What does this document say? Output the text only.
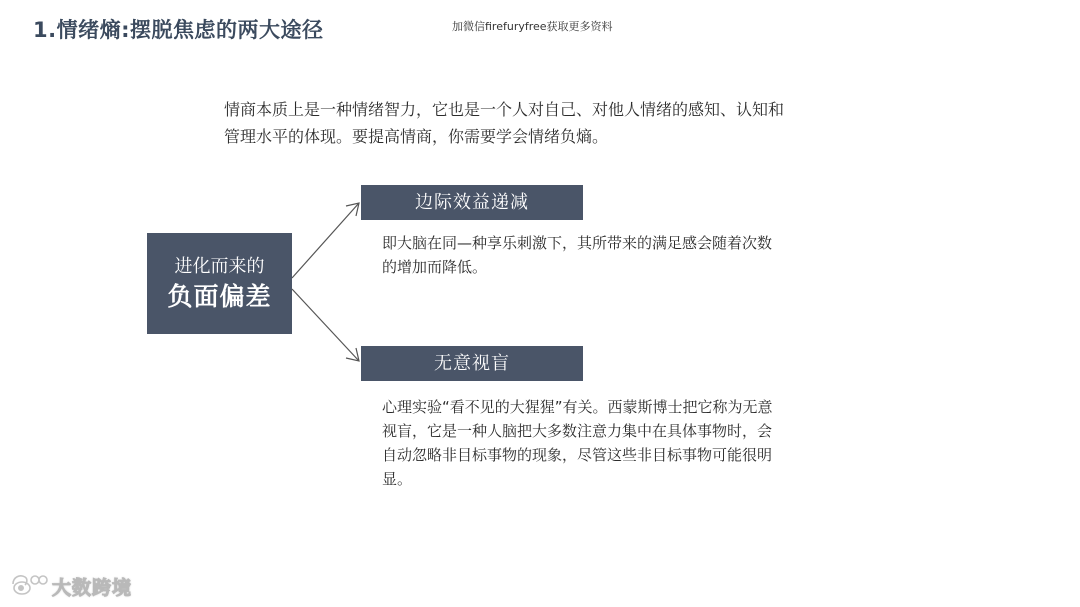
1.情绪熵:摆脱焦虑的两大途径	加微信firefuryfree获取更多资料

情商本质上是一种情绪智力，它也是一个人对自己、对他人情绪的感知、认知和

管理水平的体现。要提高情商，你需要学会情绪负熵。

进化而来的
负面偏差
边际效益递减

即大脑在同—种享乐刺激下，其所带来的满足感会随着次数

的增加而降低。

无意视盲

心理实验“看不见的大猩猩”有关。西蒙斯博士把它称为无意

视盲，它是一种人脑把大多数注意力集中在具体事物时，会

自动忽略非目标事物的现象，尽管这些非目标事物可能很明

显。

大数跨境
